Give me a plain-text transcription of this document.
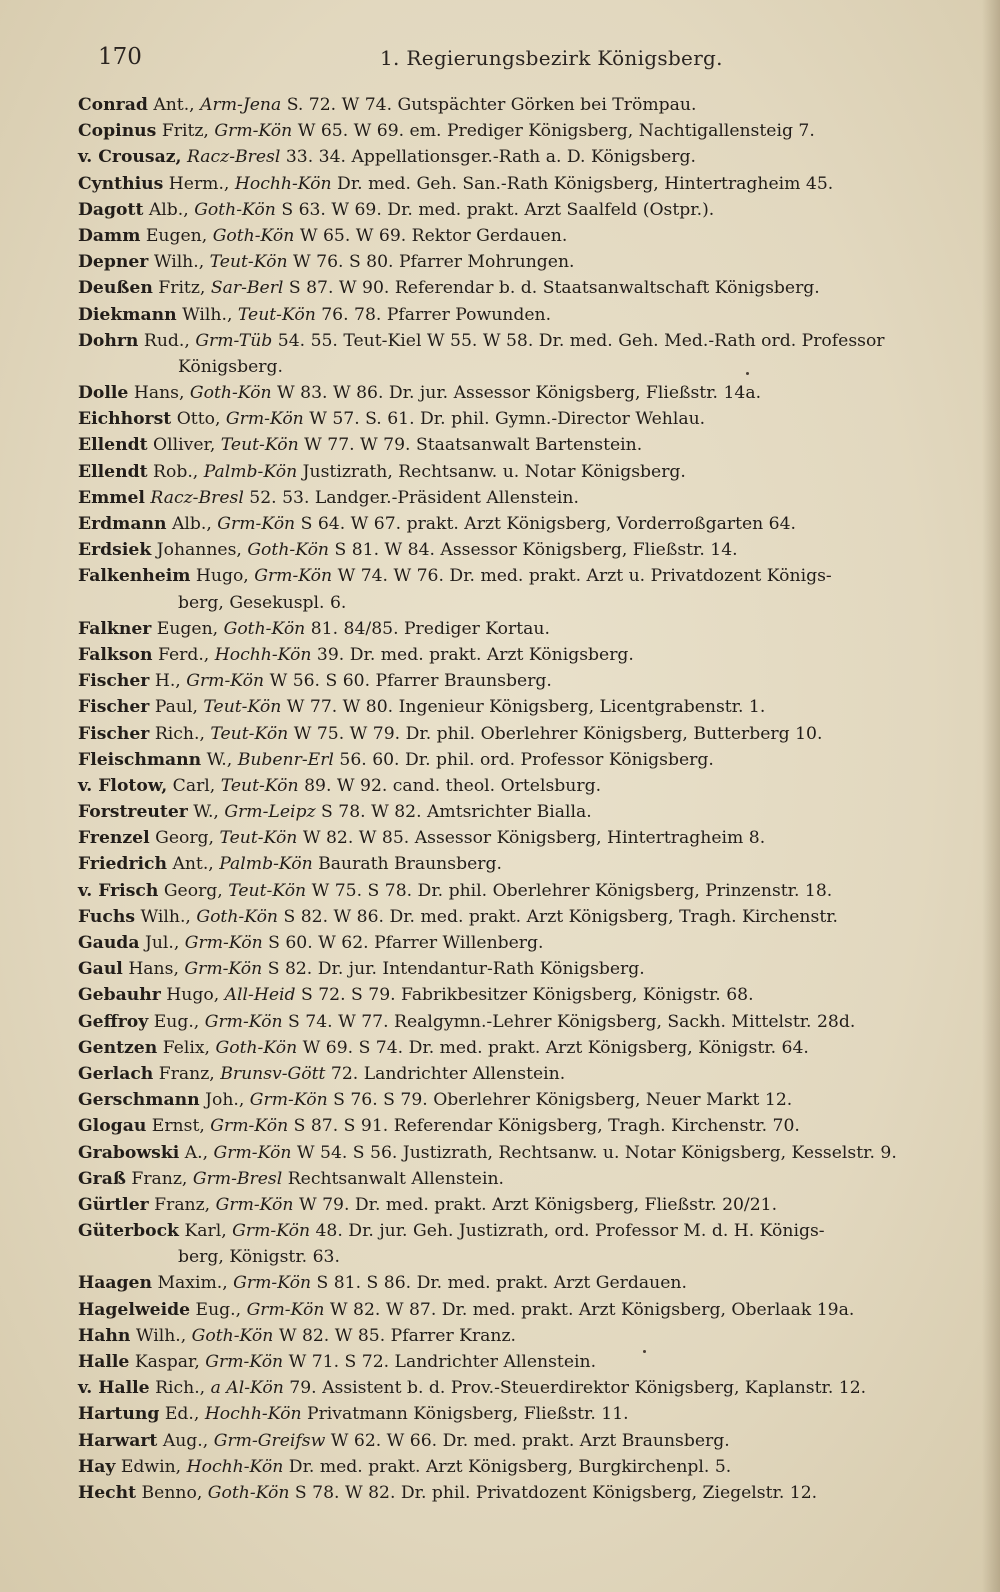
170	1. Regierungsbezirk Königsberg.
Conrad Ant., Arm-Jena S. 72. W 74. Gutspächter Görken bei Trömpau.
Copinus Fritz, Grm-Kön W 65. W 69. em. Prediger Königsberg, Nachtigallensteig 7.
v. Crousaz, Racz-Bresl 33. 34. Appellationsger.-Rath a. D. Königsberg.
Cynthius Herm., Hochh-Kön Dr. med. Geh. San.-Rath Königsberg, Hintertragheim 45.
Dagott Alb., Goth-Kön S 63. W 69. Dr. med. prakt. Arzt Saalfeld (Ostpr.).
Damm Eugen, Goth-Kön W 65. W 69. Rektor Gerdauen.
Depner Wilh., Teut-Kön W 76. S 80. Pfarrer Mohrungen.
Deußen Fritz, Sar-Berl S 87. W 90. Referendar b. d. Staatsanwaltschaft Königsberg.
Diekmann Wilh., Teut-Kön 76. 78. Pfarrer Powunden.
Dohrn Rud., Grm-Tüb 54. 55. Teut-Kiel W 55. W 58. Dr. med. Geh. Med.-Rath ord. Professor
Königsberg.
Dolle Hans, Goth-Kön W 83. W 86. Dr. jur. Assessor Königsberg, Fließstr. 14a.
Eichhorst Otto, Grm-Kön W 57. S. 61. Dr. phil. Gymn.-Director Wehlau.
Ellendt Olliver, Teut-Kön W 77. W 79. Staatsanwalt Bartenstein.
Ellendt Rob., Palmb-Kön Justizrath, Rechtsanw. u. Notar Königsberg.
Emmel Racz-Bresl 52. 53. Landger.-Präsident Allenstein.
Erdmann Alb., Grm-Kön S 64. W 67. prakt. Arzt Königsberg, Vorderroßgarten 64.
Erdsiek Johannes, Goth-Kön S 81. W 84. Assessor Königsberg, Fließstr. 14.
Falkenheim Hugo, Grm-Kön W 74. W 76. Dr. med. prakt. Arzt u. Privatdozent Königs-
berg, Gesekuspl. 6.
Falkner Eugen, Goth-Kön 81. 84/85. Prediger Kortau.
Falkson Ferd., Hochh-Kön 39. Dr. med. prakt. Arzt Königsberg.
Fischer H., Grm-Kön W 56. S 60. Pfarrer Braunsberg.
Fischer Paul, Teut-Kön W 77. W 80. Ingenieur Königsberg, Licentgrabenstr. 1.
Fischer Rich., Teut-Kön W 75. W 79. Dr. phil. Oberlehrer Königsberg, Butterberg 10.
Fleischmann W., Bubenr-Erl 56. 60. Dr. phil. ord. Professor Königsberg.
v. Flotow, Carl, Teut-Kön 89. W 92. cand. theol. Ortelsburg.
Forstreuter W., Grm-Leipz S 78. W 82. Amtsrichter Bialla.
Frenzel Georg, Teut-Kön W 82. W 85. Assessor Königsberg, Hintertragheim 8.
Friedrich Ant., Palmb-Kön Baurath Braunsberg.
v. Frisch Georg, Teut-Kön W 75. S 78. Dr. phil. Oberlehrer Königsberg, Prinzenstr. 18.
Fuchs Wilh., Goth-Kön S 82. W 86. Dr. med. prakt. Arzt Königsberg, Tragh. Kirchenstr.
Gauda Jul., Grm-Kön S 60. W 62. Pfarrer Willenberg.
Gaul Hans, Grm-Kön S 82. Dr. jur. Intendantur-Rath Königsberg.
Gebauhr Hugo, All-Heid S 72. S 79. Fabrikbesitzer Königsberg, Königstr. 68.
Geffroy Eug., Grm-Kön S 74. W 77. Realgymn.-Lehrer Königsberg, Sackh. Mittelstr. 28d.
Gentzen Felix, Goth-Kön W 69. S 74. Dr. med. prakt. Arzt Königsberg, Königstr. 64.
Gerlach Franz, Brunsv-Gött 72. Landrichter Allenstein.
Gerschmann Joh., Grm-Kön S 76. S 79. Oberlehrer Königsberg, Neuer Markt 12.
Glogau Ernst, Grm-Kön S 87. S 91. Referendar Königsberg, Tragh. Kirchenstr. 70.
Grabowski A., Grm-Kön W 54. S 56. Justizrath, Rechtsanw. u. Notar Königsberg, Kesselstr. 9.
Graß Franz, Grm-Bresl Rechtsanwalt Allenstein.
Gürtler Franz, Grm-Kön W 79. Dr. med. prakt. Arzt Königsberg, Fließstr. 20/21.
Güterbock Karl, Grm-Kön 48. Dr. jur. Geh. Justizrath, ord. Professor M. d. H. Königs-
berg, Königstr. 63.
Haagen Maxim., Grm-Kön S 81. S 86. Dr. med. prakt. Arzt Gerdauen.
Hagelweide Eug., Grm-Kön W 82. W 87. Dr. med. prakt. Arzt Königsberg, Oberlaak 19a.
Hahn Wilh., Goth-Kön W 82. W 85. Pfarrer Kranz.
Halle Kaspar, Grm-Kön W 71. S 72. Landrichter Allenstein.
v. Halle Rich., a Al-Kön 79. Assistent b. d. Prov.-Steuerdirektor Königsberg, Kaplanstr. 12.
Hartung Ed., Hochh-Kön Privatmann Königsberg, Fließstr. 11.
Harwart Aug., Grm-Greifsw W 62. W 66. Dr. med. prakt. Arzt Braunsberg.
Hay Edwin, Hochh-Kön Dr. med. prakt. Arzt Königsberg, Burgkirchenpl. 5.
Hecht Benno, Goth-Kön S 78. W 82. Dr. phil. Privatdozent Königsberg, Ziegelstr. 12.
